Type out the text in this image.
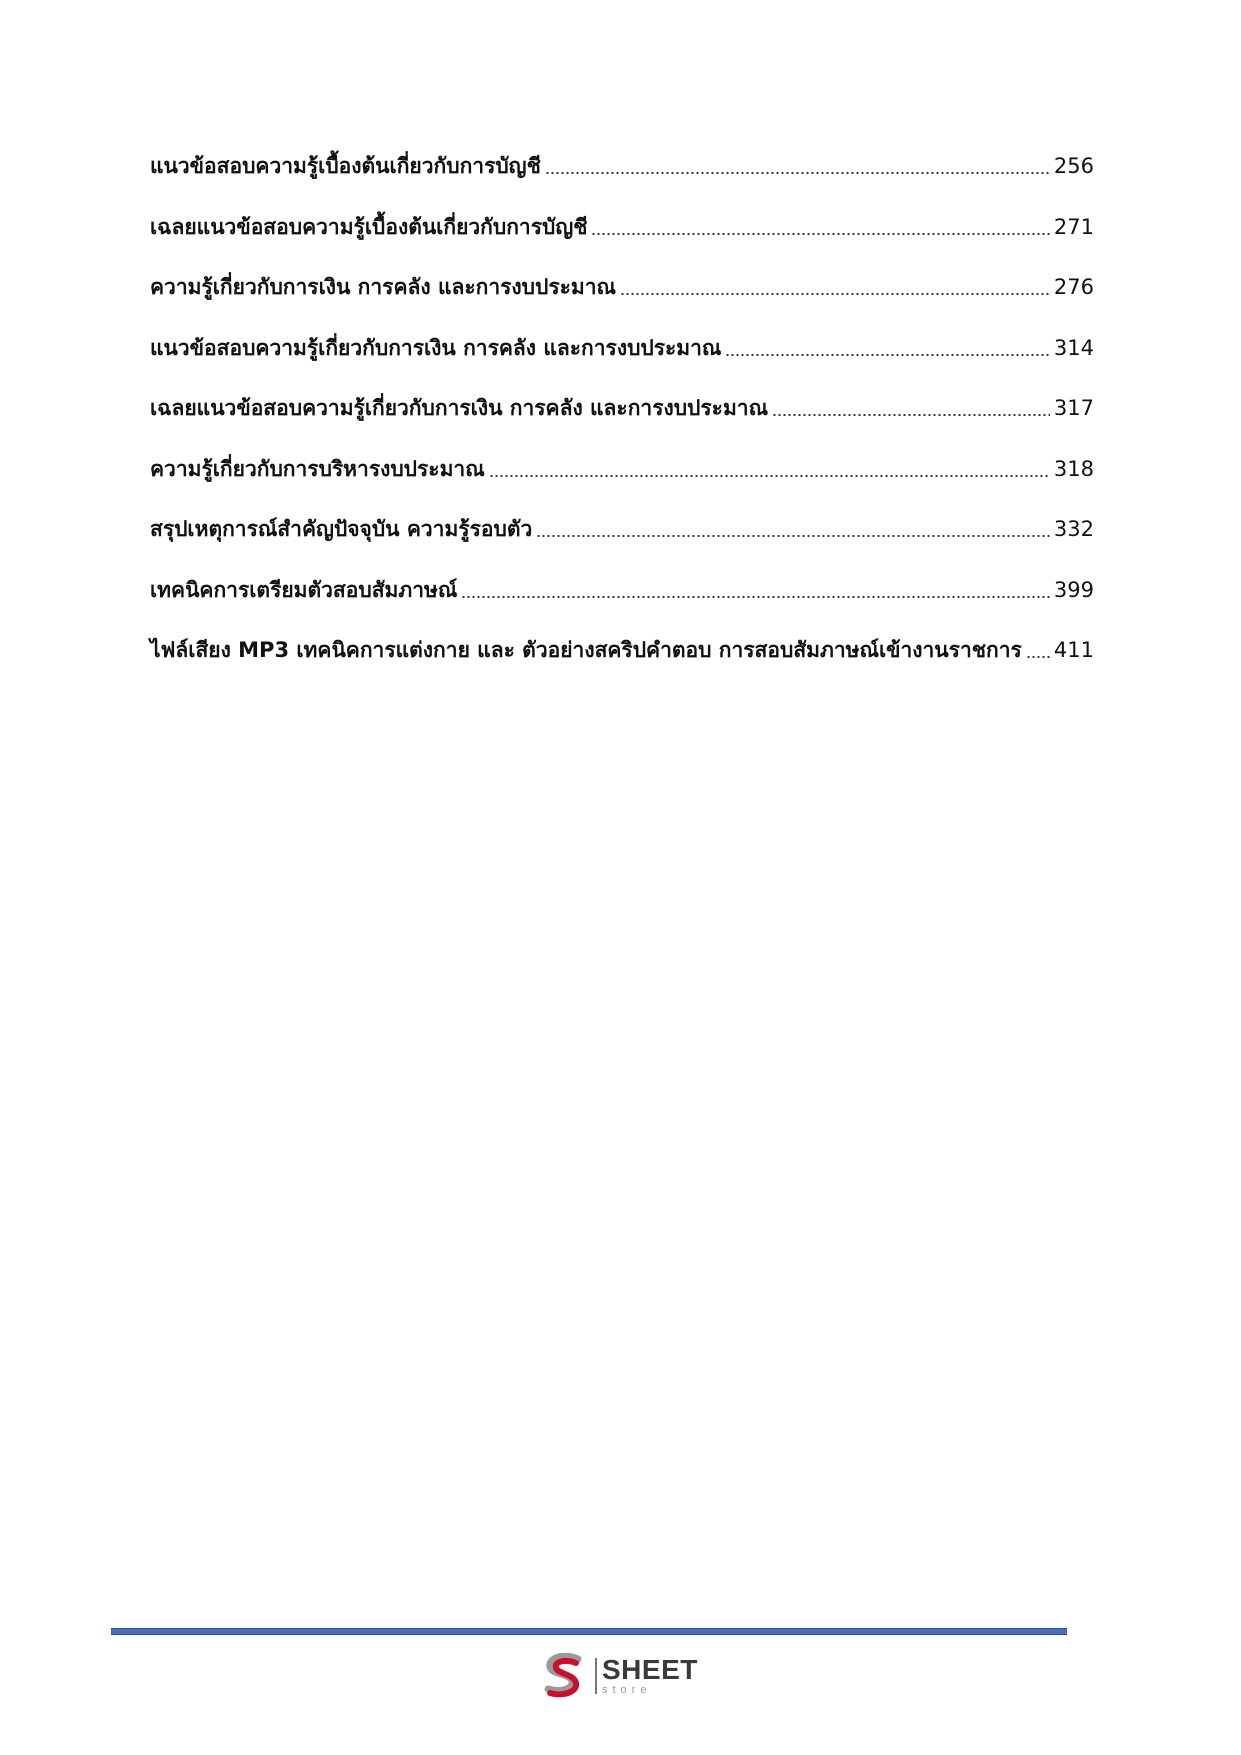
แนวข้อสอบความรู้เบื้องต้นเกี่ยวกับการบัญชี	256
เฉลยแนวข้อสอบความรู้เบื้องต้นเกี่ยวกับการบัญชี	271
ความรู้เกี่ยวกับการเงิน การคลัง และการงบประมาณ	276
แนวข้อสอบความรู้เกี่ยวกับการเงิน การคลัง และการงบประมาณ	314
เฉลยแนวข้อสอบความรู้เกี่ยวกับการเงิน การคลัง และการงบประมาณ	317
ความรู้เกี่ยวกับการบริหารงบประมาณ	318
สรุปเหตุการณ์สำคัญปัจจุบัน ความรู้รอบตัว	332
เทคนิคการเตรียมตัวสอบสัมภาษณ์	399
ไฟล์เสียง MP3 เทคนิคการแต่งกาย และ ตัวอย่างสคริปคำตอบ การสอบสัมภาษณ์เข้างานราชการ 411
SHEET
store
